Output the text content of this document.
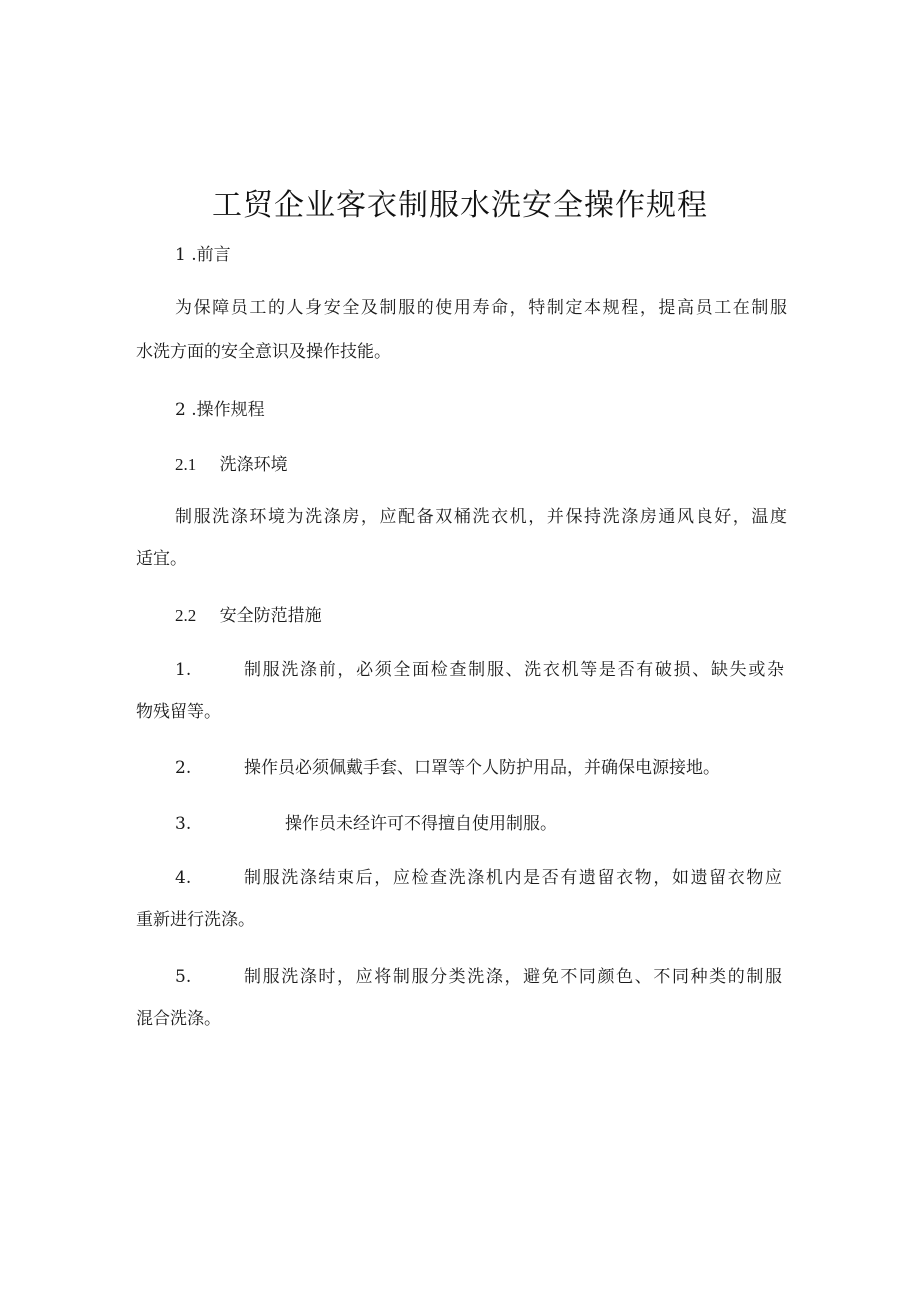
工贸企业客衣制服水洗安全操作规程
1 .前言
为保障员工的人身安全及制服的使用寿命，特制定本规程，提高员工在制服
水洗方面的安全意识及操作技能。
2 .操作规程
2.1 洗涤环境
制服洗涤环境为洗涤房，应配备双桶洗衣机，并保持洗涤房通风良好，温度
适宜。
2.2 安全防范措施
1.	制服洗涤前，必须全面检查制服、洗衣机等是否有破损、缺失或杂
物残留等。
2.	操作员必须佩戴手套、口罩等个人防护用品，并确保电源接地。
3.	操作员未经许可不得擅自使用制服。
4.	制服洗涤结束后，应检查洗涤机内是否有遗留衣物，如遗留衣物应
重新进行洗涤。
5.	制服洗涤时，应将制服分类洗涤，避免不同颜色、不同种类的制服
混合洗涤。
